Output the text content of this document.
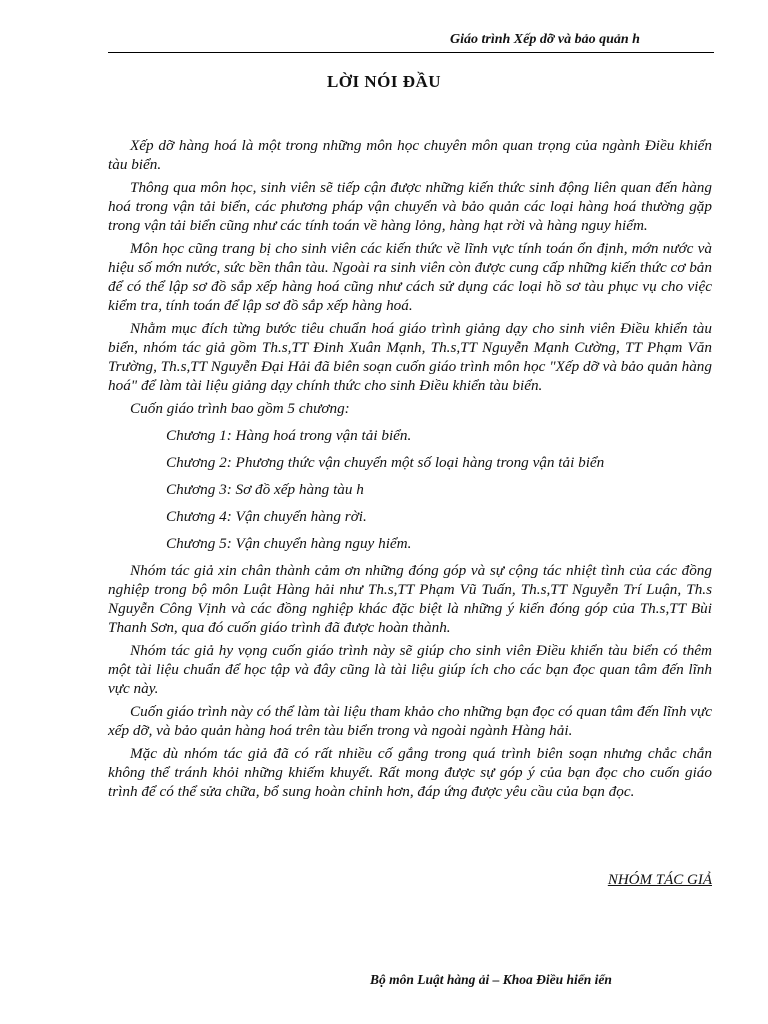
Giáo trình Xếp dỡ và bảo quản h
LỜI NÓI ĐẦU

Xếp dỡ hàng hoá là một trong những môn học chuyên môn quan trọng của ngành Điều khiển tàu biển.

Thông qua môn học, sinh viên sẽ tiếp cận được những kiến thức sinh động liên quan đến hàng hoá trong vận tải biển, các phương pháp vận chuyển và bảo quản các loại hàng hoá thường gặp trong vận tải biển cũng như các tính toán về hàng lỏng, hàng hạt rời và hàng nguy hiểm.

Môn học cũng trang bị cho sinh viên các kiến thức về lĩnh vực tính toán ổn định, mớn nước và hiệu số mớn nước, sức bền thân tàu. Ngoài ra sinh viên còn được cung cấp những kiến thức cơ bản để có thể lập sơ đồ sắp xếp hàng hoá cũng như cách sử dụng các loại hồ sơ tàu phục vụ cho việc kiểm tra, tính toán để lập sơ đồ sắp xếp hàng hoá.

Nhằm mục đích từng bước tiêu chuẩn hoá giáo trình giảng dạy cho sinh viên Điều khiển tàu biển, nhóm tác giả gồm Th.s,TT Đinh Xuân Mạnh, Th.s,TT Nguyễn Mạnh Cường, TT Phạm Văn Trường, Th.s,TT Nguyễn Đại Hải đã biên soạn cuốn giáo trình môn học "Xếp dỡ và bảo quản hàng hoá" để làm tài liệu giảng dạy chính thức cho sinh Điều khiển tàu biển.

Cuốn giáo trình bao gồm 5 chương:

Chương 1: Hàng hoá trong vận tải biển.
Chương 2: Phương thức vận chuyển một số loại hàng trong vận tải biển
Chương 3: Sơ đồ xếp hàng tàu h
Chương 4: Vận chuyển hàng rời.
Chương 5: Vận chuyển hàng nguy hiểm.

Nhóm tác giả xin chân thành cảm ơn những đóng góp và sự cộng tác nhiệt tình của các đồng nghiệp trong bộ môn Luật Hàng hải như Th.s,TT Phạm Vũ Tuấn, Th.s,TT Nguyễn Trí Luận, Th.s Nguyễn Công Vịnh và các đồng nghiệp khác đặc biệt là những ý kiến đóng góp của Th.s,TT Bùi Thanh Sơn, qua đó cuốn giáo trình đã được hoàn thành.

Nhóm tác giả hy vọng cuốn giáo trình này sẽ giúp cho sinh viên Điều khiển tàu biển có thêm một tài liệu chuẩn để học tập và đây cũng là tài liệu giúp ích cho các bạn đọc quan tâm đến lĩnh vực này.

Cuốn giáo trình này có thể làm tài liệu tham khảo cho những bạn đọc có quan tâm đến lĩnh vực xếp dỡ, và bảo quản hàng hoá trên tàu biển trong và ngoài ngành Hàng hải.

Mặc dù nhóm tác giả đã có rất nhiều cố gắng trong quá trình biên soạn nhưng chắc chắn không thể tránh khỏi những khiếm khuyết. Rất mong được sự góp ý của bạn đọc cho cuốn giáo trình để có thể sửa chữa, bổ sung hoàn chỉnh hơn, đáp ứng được yêu cầu của bạn đọc.

NHÓM TÁC GIẢ
Bộ môn Luật hàng ải – Khoa Điều hiển iển
